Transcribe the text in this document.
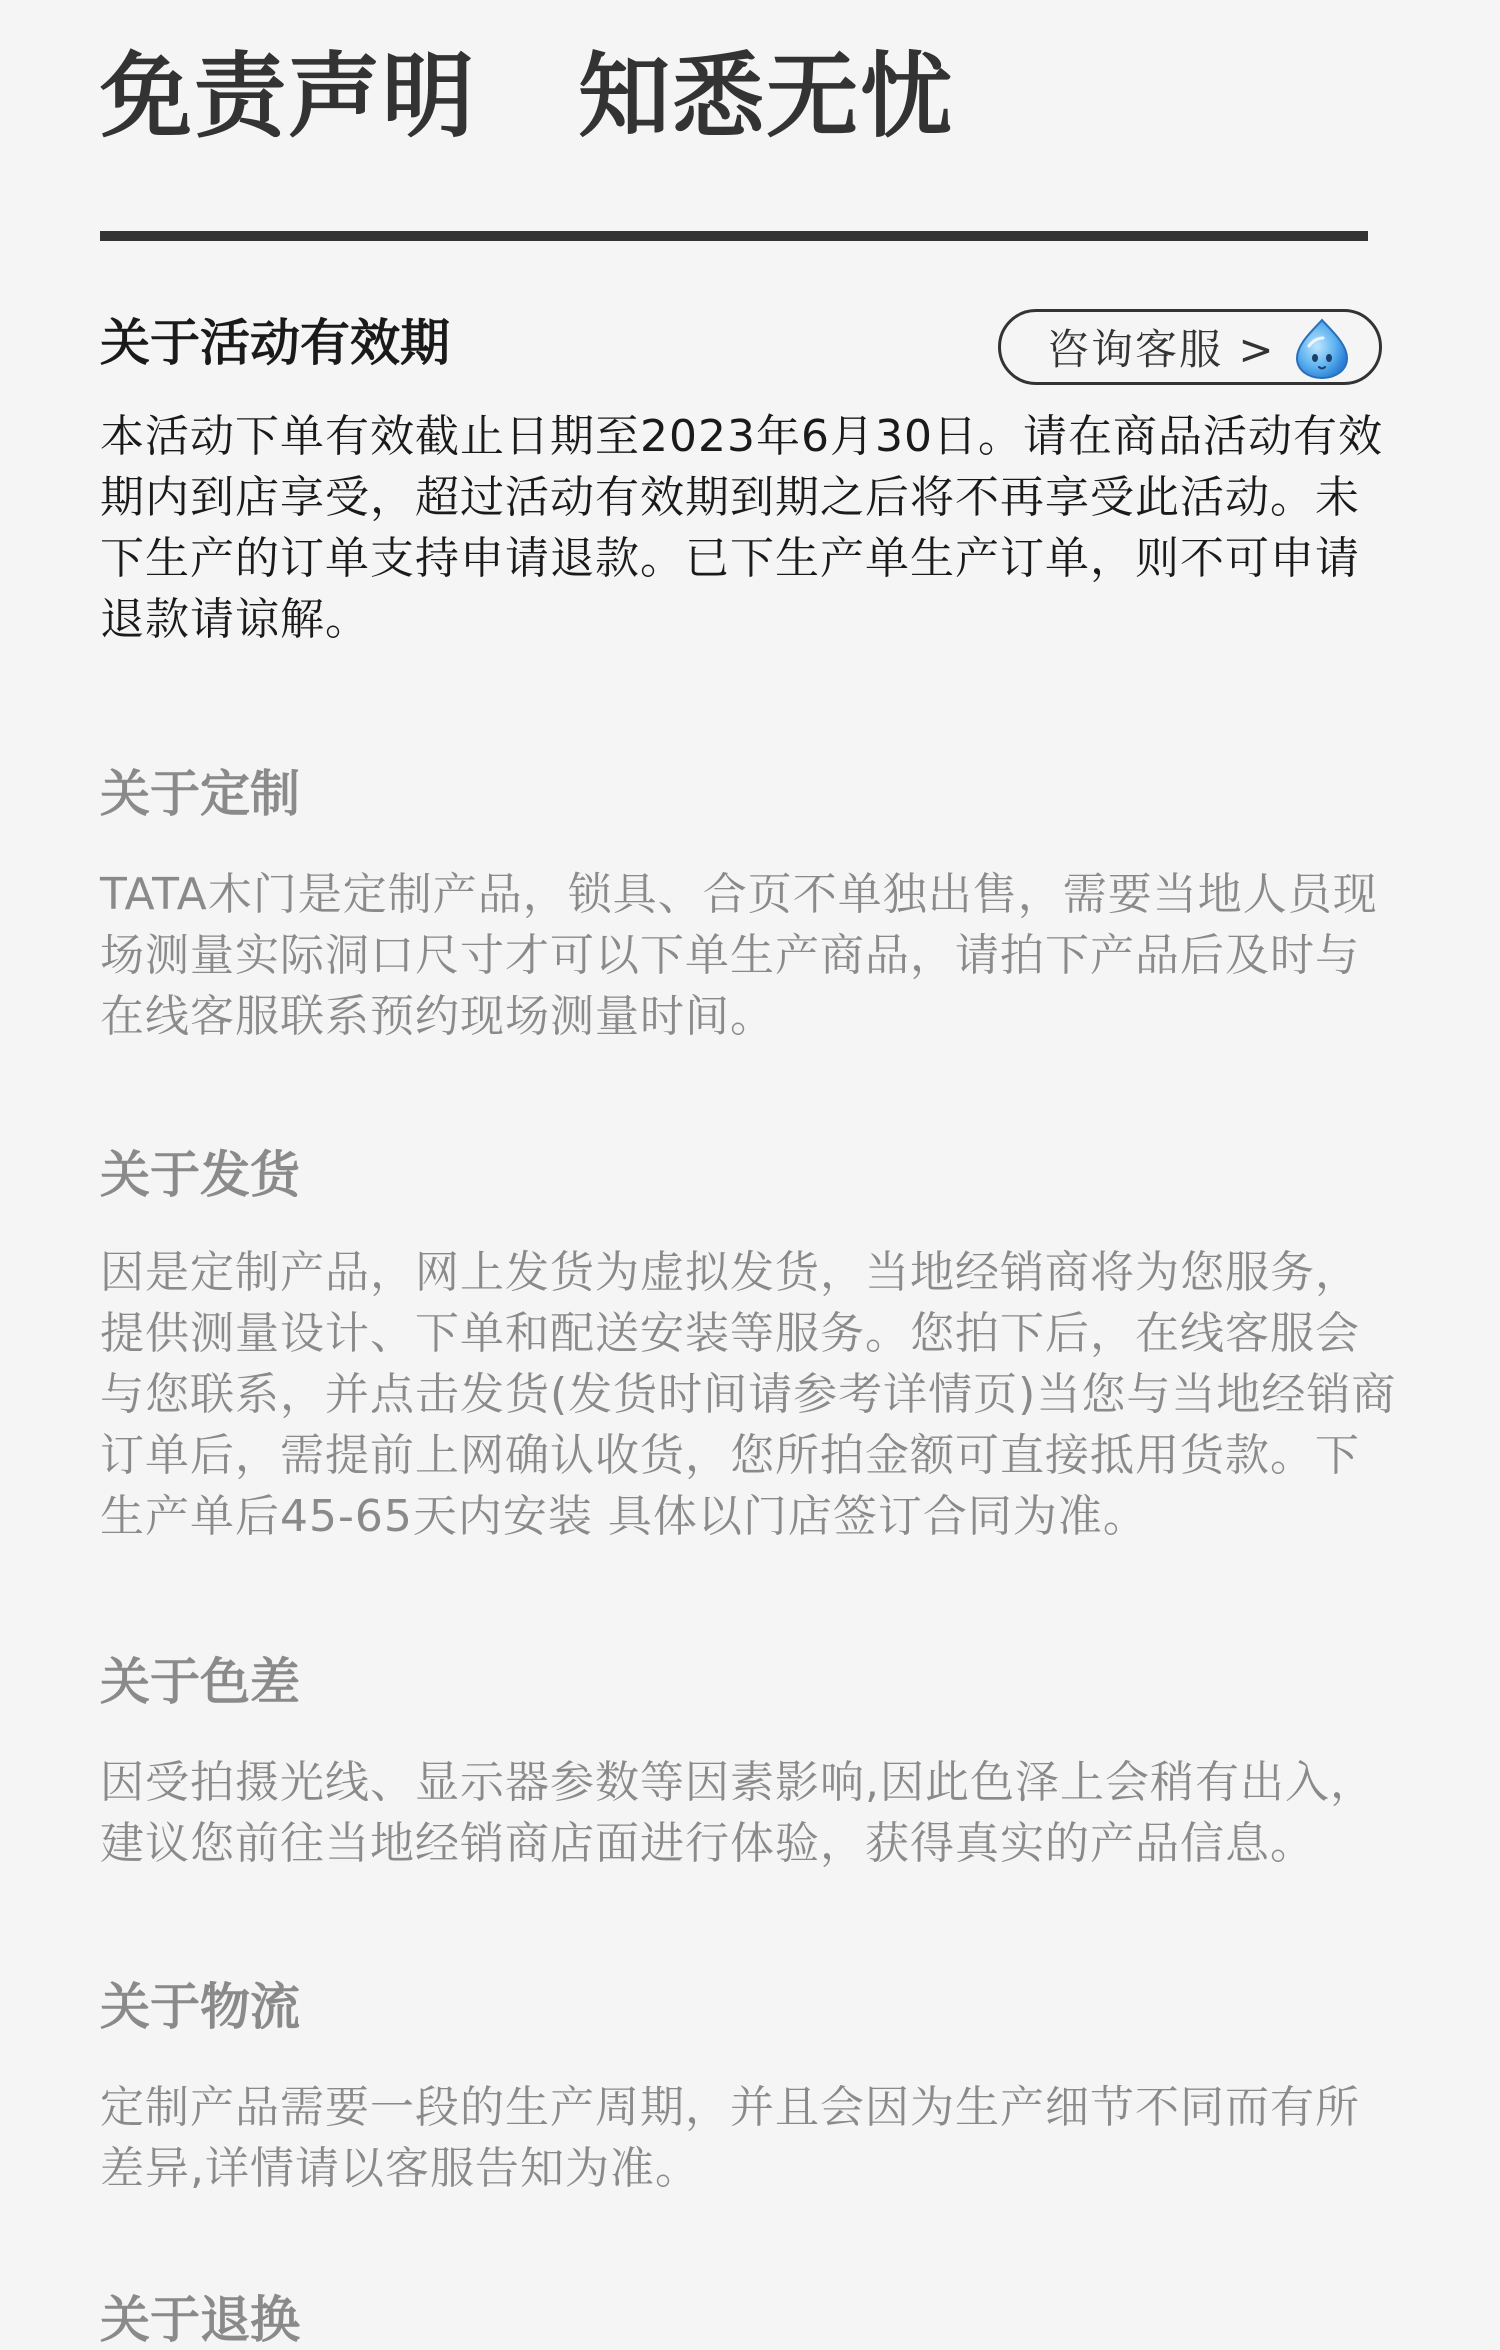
免责声明   知悉无忧
关于活动有效期

本活动下单有效截止日期至2023年6月30日。请在商品活动有效期内到店享受，超过活动有效期到期之后将不再享受此活动。未下生产的订单支持申请退款。已下生产单生产订单，则不可申请退款请谅解。

咨询客服 >
关于定制

TATA木门是定制产品，锁具、合页不单独出售，需要当地人员现场测量实际洞口尺寸才可以下单生产商品，请拍下产品后及时与在线客服联系预约现场测量时间。

关于发货

因是定制产品，网上发货为虚拟发货，当地经销商将为您服务，提供测量设计、下单和配送安装等服务。您拍下后，在线客服会与您联系，并点击发货(发货时间请参考详情页)当您与当地经销商订单后，需提前上网确认收货，您所拍金额可直接抵用货款。下生产单后45-65天内安装 具体以门店签订合同为准。

关于色差

因受拍摄光线、显示器参数等因素影响,因此色泽上会稍有出入，建议您前往当地经销商店面进行体验，获得真实的产品信息。

关于物流

定制产品需要一段的生产周期，并且会因为生产细节不同而有所差异,详情请以客服告知为准。

关于退换
